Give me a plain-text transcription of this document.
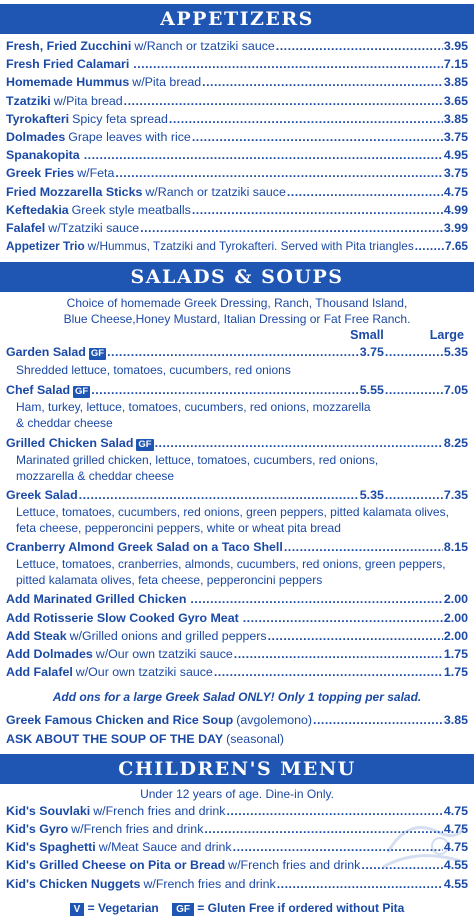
APPETIZERS
Fresh, Fried Zucchini w/Ranch or tzatziki sauce .....	3.95
Fresh Fried Calamari .....	7.15
Homemade Hummus w/Pita bread .....	3.85
Tzatziki w/Pita bread .....	3.65
Tyrokafteri Spicy feta spread .....	3.85
Dolmades Grape leaves with rice .....	3.75
Spanakopita .....	4.95
Greek Fries w/Feta .....	3.75
Fried Mozzarella Sticks w/Ranch or tzatziki sauce .....	4.75
Keftedakia Greek style meatballs .....	4.99
Falafel w/Tzatziki sauce .....	3.99
Appetizer Trio w/Hummus, Tzatziki and Tyrokafteri. Served with Pita triangles .....	7.65
SALADS & SOUPS
Choice of homemade Greek Dressing, Ranch, Thousand Island,
Blue Cheese,Honey Mustard, Italian Dressing or Fat Free Ranch.
Small	Large
Garden Salad GF .....	3.75 .....	5.35
Shredded lettuce, tomatoes, cucumbers, red onions
Chef Salad GF .....	5.55 .....	7.05
Ham, turkey, lettuce, tomatoes, cucumbers, red onions, mozzarella
& cheddar cheese
Grilled Chicken Salad GF .....	8.25
Marinated grilled chicken, lettuce, tomatoes, cucumbers, red onions,
mozzarella & cheddar cheese
Greek Salad .....	5.35 .....	7.35
Lettuce, tomatoes, cucumbers, red onions, green peppers, pitted kalamata olives,
feta cheese, pepperoncini peppers, white or wheat pita bread
Cranberry Almond Greek Salad on a Taco Shell .....	8.15
Lettuce, tomatoes, cranberries, almonds, cucumbers, red onions, green peppers,
pitted kalamata olives, feta cheese, pepperoncini peppers
Add Marinated Grilled Chicken .....	2.00
Add Rotisserie Slow Cooked Gyro Meat .....	2.00
Add Steak w/Grilled onions and grilled peppers .....	2.00
Add Dolmades w/Our own tzatziki sauce .....	1.75
Add Falafel w/Our own tzatziki sauce .....	1.75
Add ons for a large Greek Salad ONLY! Only 1 topping per salad.
Greek Famous Chicken and Rice Soup (avgolemono) .....	3.85
ASK ABOUT THE SOUP OF THE DAY (seasonal)
CHILDREN'S MENU
Under 12 years of age. Dine-in Only.
Kid's Souvlaki w/French fries and drink .....	4.75
Kid's Gyro w/French fries and drink .....	4.75
Kid's Spaghetti w/Meat Sauce and drink .....	4.75
Kid's Grilled Cheese on Pita or Bread w/French fries and drink .....	4.55
Kid's Chicken Nuggets w/French fries and drink .....	4.55
V = Vegetarian GF = Gluten Free if ordered without Pita
